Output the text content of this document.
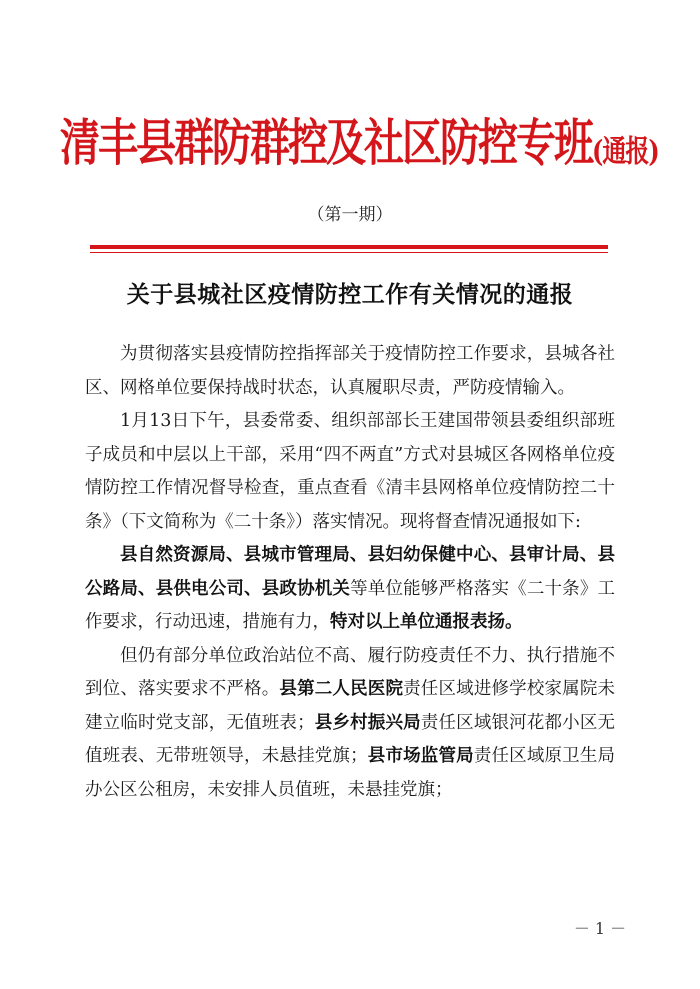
清丰县群防群控及社区防控专班(通报)
（第一期）
关于县城社区疫情防控工作有关情况的通报

为贯彻落实县疫情防控指挥部关于疫情防控工作要求，县城各社区、网格单位要保持战时状态，认真履职尽责，严防疫情输入。

1月13日下午，县委常委、组织部部长王建国带领县委组织部班子成员和中层以上干部，采用“四不两直”方式对县城区各网格单位疫情防控工作情况督导检查，重点查看《清丰县网格单位疫情防控二十条》（下文简称为《二十条》）落实情况。现将督查情况通报如下:

县自然资源局、县城市管理局、县妇幼保健中心、县审计局、县公路局、县供电公司、县政协机关等单位能够严格落实《二十条》工作要求，行动迅速，措施有力，特对以上单位通报表扬。

但仍有部分单位政治站位不高、履行防疫责任不力、执行措施不到位、落实要求不严格。县第二人民医院责任区域进修学校家属院未建立临时党支部，无值班表；县乡村振兴局责任区域银河花都小区无值班表、无带班领导，未悬挂党旗；县市场监管局责任区域原卫生局办公区公租房，未安排人员值班，未悬挂党旗；

－ 1 －
